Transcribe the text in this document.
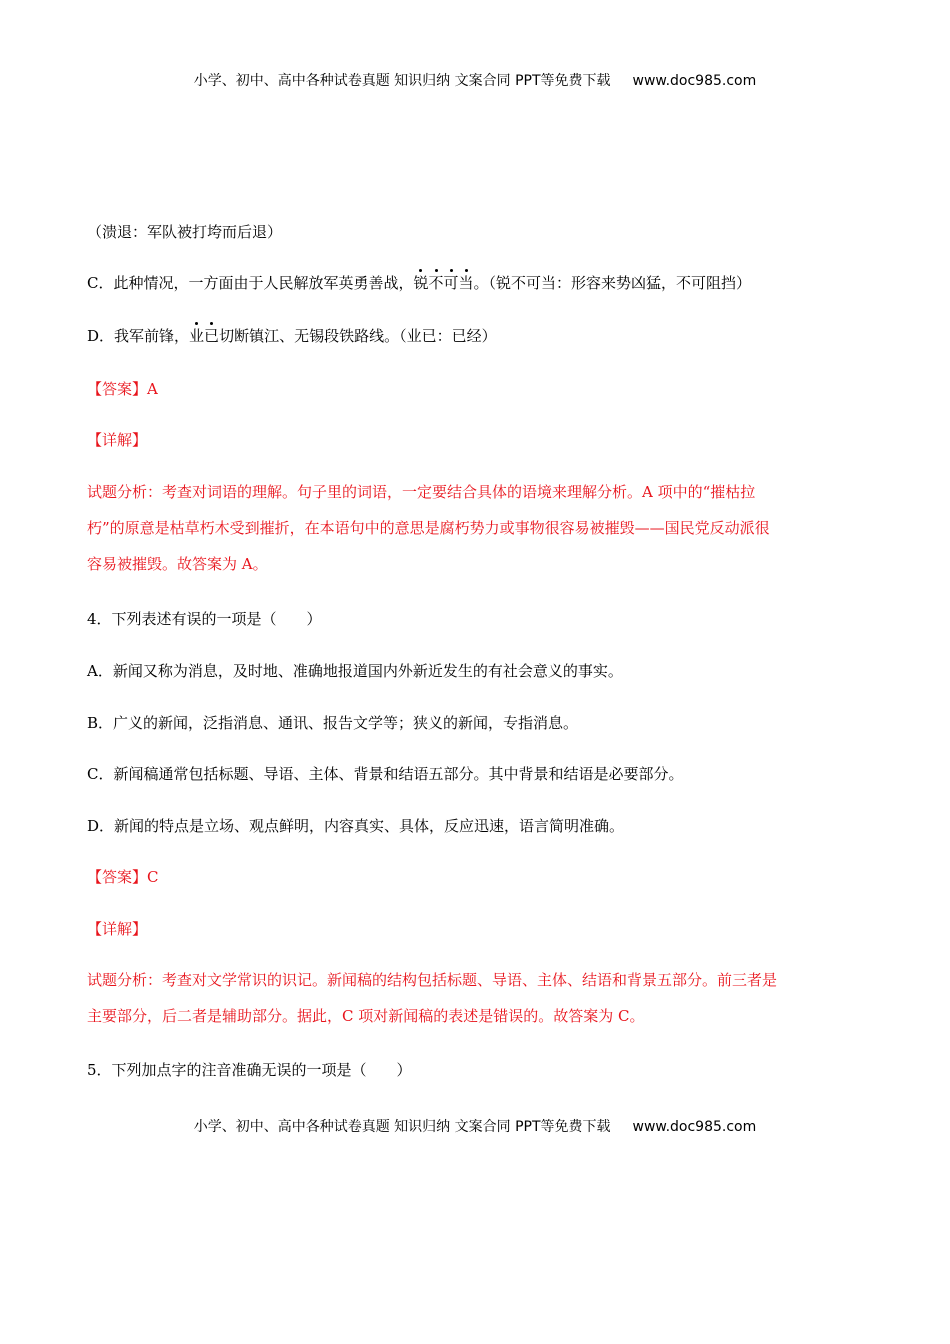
小学、初中、高中各种试卷真题 知识归纳 文案合同 PPT等免费下载 www.doc985.com
（溃退：军队被打垮而后退）
C．此种情况，一方面由于人民解放军英勇善战，锐不可当。（锐不可当：形容来势凶猛，不可阻挡）
D．我军前锋，业已切断镇江、无锡段铁路线。（业已：已经）
【答案】A
【详解】
试题分析：考查对词语的理解。句子里的词语，一定要结合具体的语境来理解分析。A 项中的“摧枯拉
朽”的原意是枯草朽木受到摧折，在本语句中的意思是腐朽势力或事物很容易被摧毁——国民党反动派很
容易被摧毁。故答案为 A。
4．下列表述有误的一项是（　　）
A．新闻又称为消息，及时地、准确地报道国内外新近发生的有社会意义的事实。
B．广义的新闻，泛指消息、通讯、报告文学等；狭义的新闻，专指消息。
C．新闻稿通常包括标题、导语、主体、背景和结语五部分。其中背景和结语是必要部分。
D．新闻的特点是立场、观点鲜明，内容真实、具体，反应迅速，语言简明准确。
【答案】C
【详解】
试题分析：考查对文学常识的识记。新闻稿的结构包括标题、导语、主体、结语和背景五部分。前三者是
主要部分，后二者是辅助部分。据此，C 项对新闻稿的表述是错误的。故答案为 C。
5．下列加点字的注音准确无误的一项是（　　）
小学、初中、高中各种试卷真题 知识归纳 文案合同 PPT等免费下载 www.doc985.com
